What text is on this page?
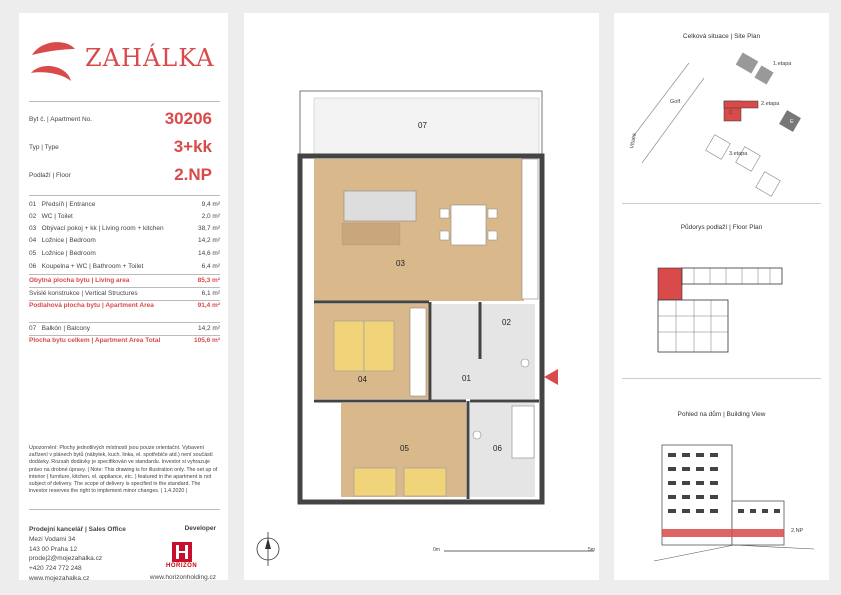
ZAHÁLKA
Byt č. | Apartment No.	30206
Typ | Type	3+kk
Podlaží | Floor	2.NP
01 Předsíň | Entrance	9,4 m²
02 WC | Toilet	2,0 m²
03 Obývací pokoj + kk | Living room + kitchen	38,7 m²
04 Ložnice | Bedroom	14,2 m²
05 Ložnice | Bedroom	14,6 m²
06 Koupelna + WC | Bathroom + Toilet	6,4 m²
Obytná plocha bytu | Living area	85,3 m²
Svislé konstrukce | Vertical Structures	6,1 m²
Podlahová plocha bytu | Apartment Area	91,4 m²
07 Balkón | Balcony	14,2 m²
Plocha bytu celkem | Apartment Area Total	105,6 m²
Upozornění: Plochy jednotlivých místností jsou pouze orientační. Vybavení zařízení v plánech bytů (nábytek, kuch. linka, el. spotřebiče atd.) není součástí dodávky. Rozsah dodávky je specifikován ve standardu. Investor si vyhrazuje právo na drobné úpravy. | Note: This drawing is for illustration only. The set up of interior ( furniture, kitchen, el. appliance, etc. ) featured in the apartment is not subject of delivery. The scope of delivery is specified in the standard. The investor reserves the right to implement minor changes. | 1.4.2020 |
Prodejní kancelář | Sales Office
Mezi Vodami 34
143 00 Praha 12
prodej2@mojezahalka.cz
+420 724 772 248
www.mojezahalka.cz
Developer
HORIZON
www.horizonholding.cz
07
03
02
04	01
05	06
0m	5m
Celková situace | Site Plan
1.etapa
2.etapa
3.etapa
Golf
Vltava
C
E
Půdorys podlaží | Floor Plan
Pohled na dům | Building View
2.NP
